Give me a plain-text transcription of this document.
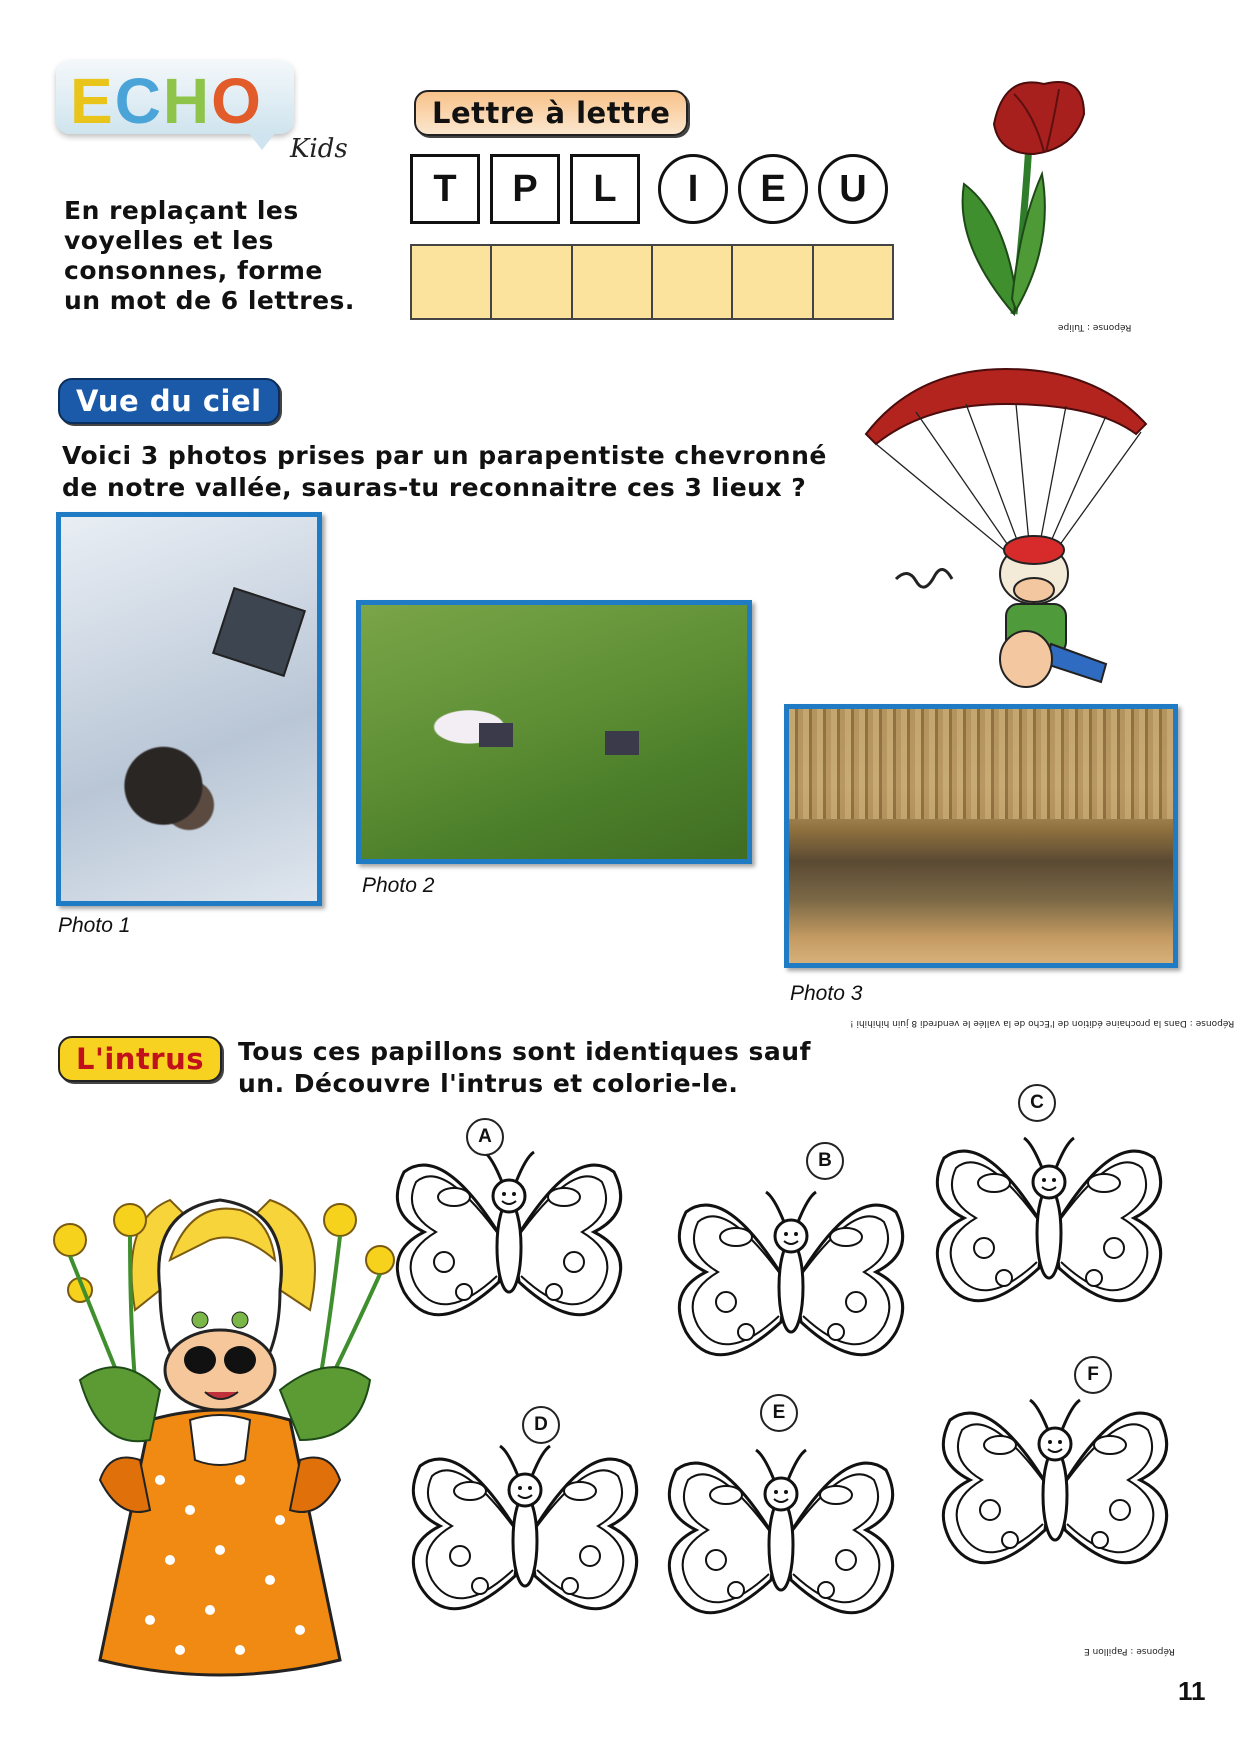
ECHO
Kids
En replaçant les voyelles et les consonnes, forme un mot de 6 lettres.
Lettre à lettre
T	P	L	I	E	U
Réponse : Tulipe
Vue du ciel
Voici 3 photos prises par un parapentiste chevronné de notre vallée, sauras-tu reconnaitre ces 3 lieux ?
Photo 1
Photo 2
Photo 3
Réponse : Dans la prochaine édition de l'Echo de la vallée le vendredi 8 juin hihihihi !
L'intrus	Tous ces papillons sont identiques sauf un. Découvre l'intrus et colorie-le.
A
B
C
D
E
F
Réponse : Papillon E
11
